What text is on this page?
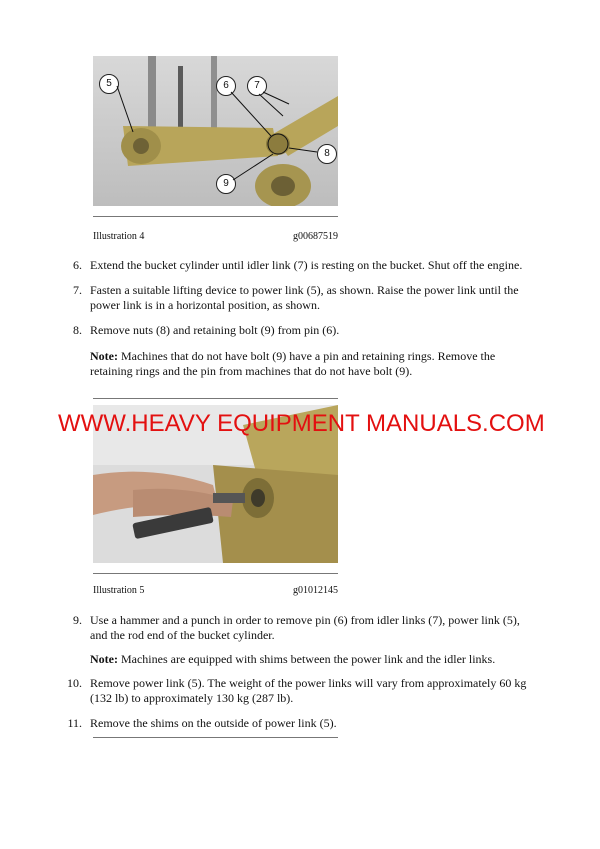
5	6	7
8
9
Illustration 4	g00687519
6. Extend the bucket cylinder until idler link (7) is resting on the bucket. Shut off the engine.
7. Fasten a suitable lifting device to power link (5), as shown. Raise the power link until the power link is in a horizontal position, as shown.
8. Remove nuts (8) and retaining bolt (9) from pin (6).
Note: Machines that do not have bolt (9) have a pin and retaining rings. Remove the retaining rings and the pin from machines that do not have bolt (9).
Illustration 5	g01012145
WWW.HEAVY EQUIPMENT MANUALS.COM
9. Use a hammer and a punch in order to remove pin (6) from idler links (7), power link (5), and the rod end of the bucket cylinder.
Note: Machines are equipped with shims between the power link and the idler links.
10. Remove power link (5). The weight of the power links will vary from approximately 60 kg (132 lb) to approximately 130 kg (287 lb).
11. Remove the shims on the outside of power link (5).
